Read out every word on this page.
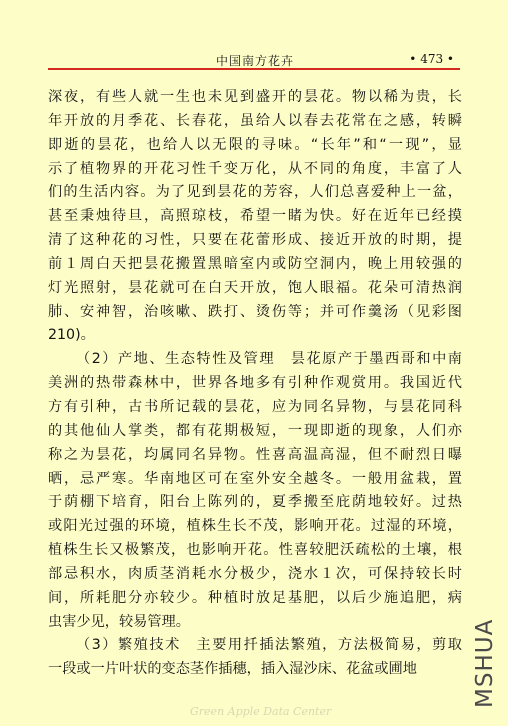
中国南方花卉	• 473 •
深夜，有些人就一生也未见到盛开的昙花。物以稀为贵，长
年开放的月季花、长春花，虽给人以春去花常在之感，转瞬
即逝的昙花，也给人以无限的寻味。“长年”和“一现”，显
示了植物界的开花习性千变万化，从不同的角度，丰富了人
们的生活内容。为了见到昙花的芳容，人们总喜爱种上一盆，
甚至秉烛待旦，高照琼枝，希望一睹为快。好在近年已经摸
清了这种花的习性，只要在花蕾形成、接近开放的时期，提
前１周白天把昙花搬置黑暗室内或防空洞内，晚上用较强的
灯光照射，昙花就可在白天开放，饱人眼福。花朵可清热润
肺、安神智，治咳嗽、跌打、烫伤等；并可作羹汤（见彩图
210)。
（2）产地、生态特性及管理　昙花原产于墨西哥和中南
美洲的热带森林中，世界各地多有引种作观赏用。我国近代
方有引种，古书所记载的昙花，应为同名异物，与昙花同科
的其他仙人掌类，都有花期极短，一现即逝的现象，人们亦
称之为昙花，均属同名异物。性喜高温高湿，但不耐烈日曝
晒，忌严寒。华南地区可在室外安全越冬。一般用盆栽，置
于荫棚下培育，阳台上陈列的，夏季搬至庇荫地较好。过热
或阳光过强的环境，植株生长不茂，影响开花。过湿的环境，
植株生长又极繁茂，也影响开花。性喜较肥沃疏松的土壤，根
部忌积水，肉质茎消耗水分极少，浇水１次，可保持较长时
间，所耗肥分亦较少。种植时放足基肥，以后少施追肥，病
虫害少见，较易管理。
（3）繁殖技术　主要用扦插法繁殖，方法极简易，剪取
一段或一片叶状的变态茎作插穗，插入湿沙床、花盆或圃地
Green Apple Data Center
MSHUA
